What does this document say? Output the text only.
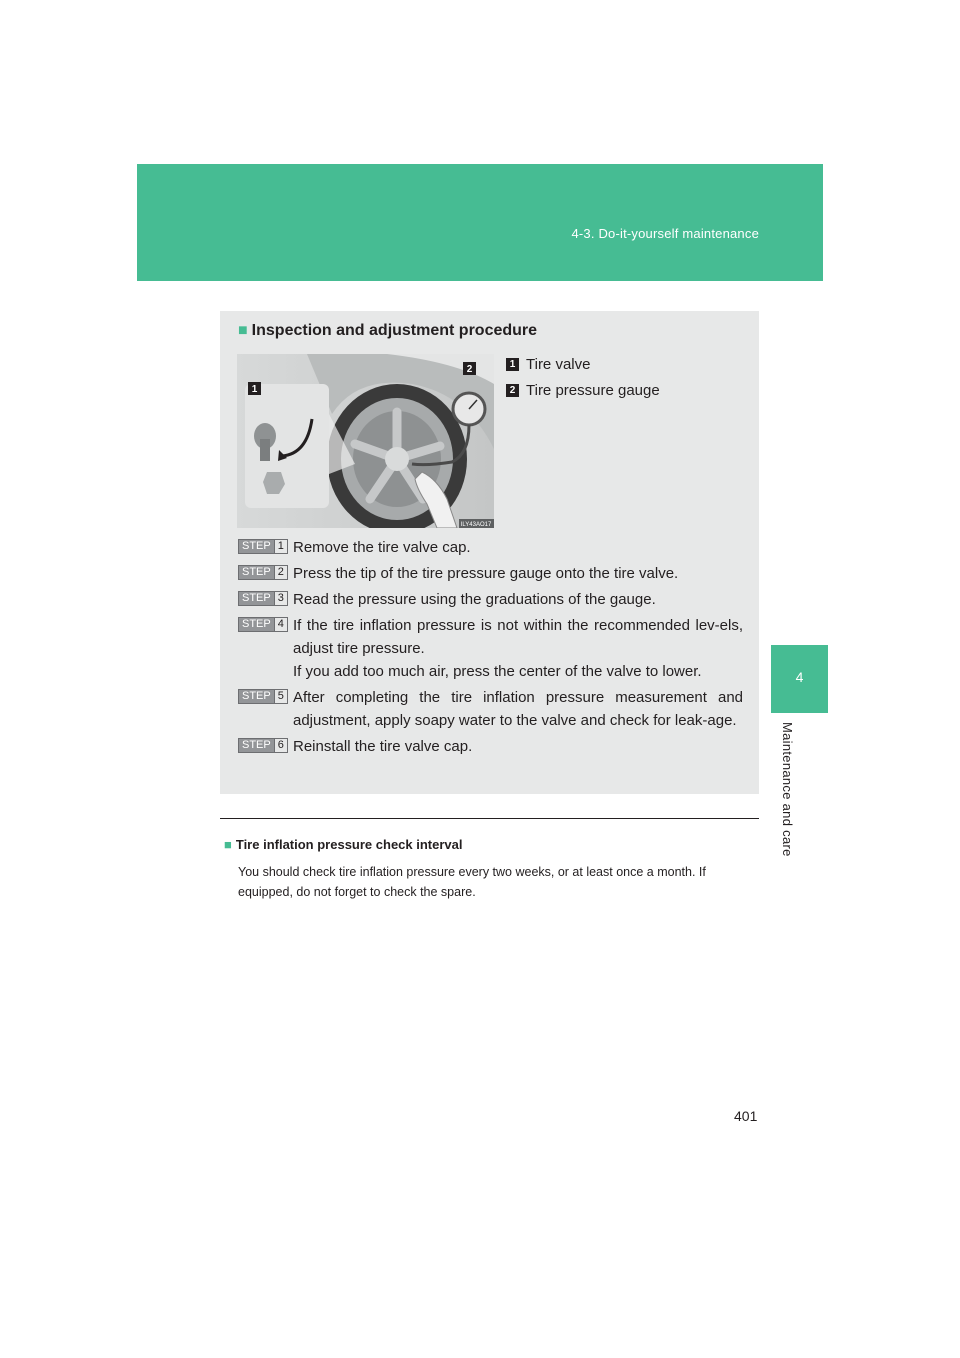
4-3. Do-it-yourself maintenance
4
Maintenance and care
■ Inspection and adjustment procedure
1
2
ILY43AO17
1 Tire valve
2 Tire pressure gauge
STEP 1 Remove the tire valve cap.
STEP 2 Press the tip of the tire pressure gauge onto the tire valve.
STEP 3 Read the pressure using the graduations of the gauge.
STEP 4 If the tire inflation pressure is not within the recommended lev-els, adjust tire pressure.
If you add too much air, press the center of the valve to lower.
STEP 5 After completing the tire inflation pressure measurement and adjustment, apply soapy water to the valve and check for leak-age.
STEP 6 Reinstall the tire valve cap.
■ Tire inflation pressure check interval
You should check tire inflation pressure every two weeks, or at least once a month. If equipped, do not forget to check the spare.
401
